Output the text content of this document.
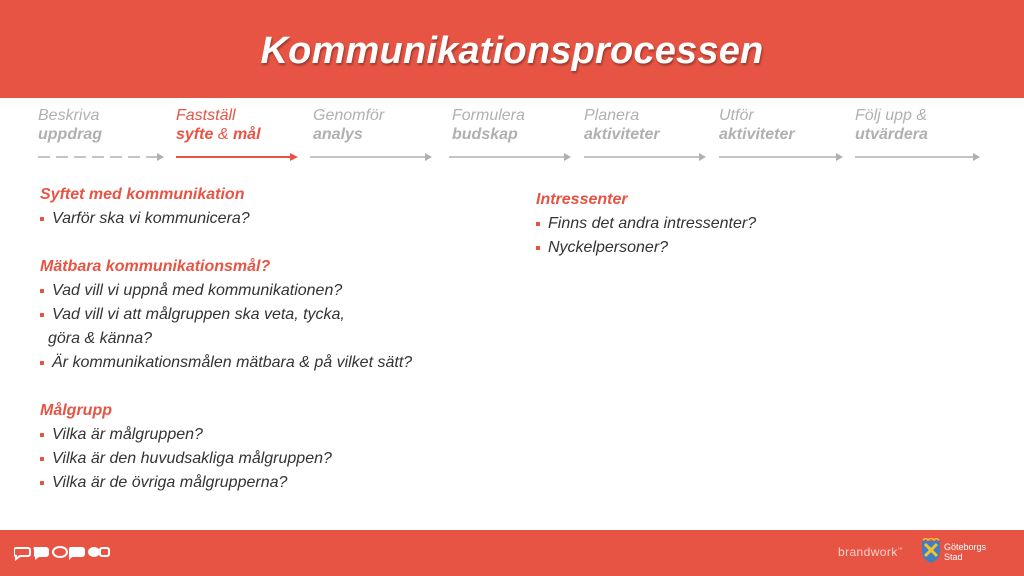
Kommunikationsprocessen
Beskriva
uppdrag
Fastställ
syfte & mål
Genomför
analys
Formulera
budskap
Planera
aktiviteter
Utför
aktiviteter
Följ upp &
utvärdera
Syftet med kommunikation
Varför ska vi kommunicera?
Mätbara kommunikationsmål?
Vad vill vi uppnå med kommunikationen?
Vad vill vi att målgruppen ska veta, tycka,
göra & känna?
Är kommunikationsmålen mätbara & på vilket sätt?
Målgrupp
Vilka är målgruppen?
Vilka är den huvudsakliga målgruppen?
Vilka är de övriga målgrupperna?
Intressenter
Finns det andra intressenter?
Nyckelpersoner?
brandwork™	Göteborgs
Stad
